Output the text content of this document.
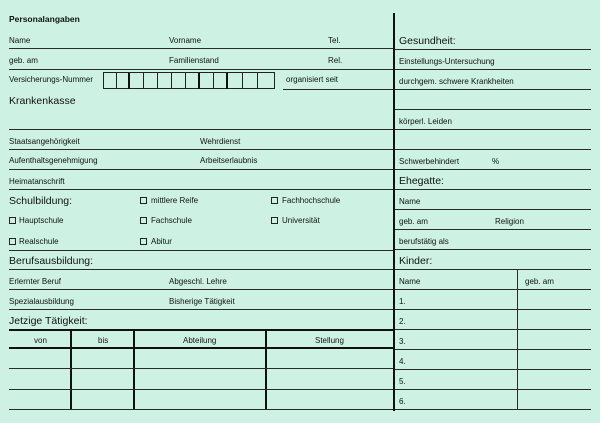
Personalangaben
Name	Vorname	Tel.
geb. am	Familienstand	Rel.
Versicherungs-Nummer	organisiert seit
Krankenkasse
Staatsangehörigkeit	Wehrdienst
Aufenthaltsgenehmigung	Arbeitserlaubnis
Heimatanschrift
Schulbildung:	mittlere Reife	Fachhochschule
Hauptschule	Fachschule	Universität
Realschule	Abitur
Berufsausbildung:
Erlernter Beruf	Abgeschl. Lehre
Spezialausbildung	Bisherige Tätigkeit
Jetzige Tätigkeit:
von	bis	Abteilung	Stellung
Gesundheit:
Einstellungs-Untersuchung
durchgem. schwere Krankheiten
körperl. Leiden
Schwerbehindert	%
Ehegatte:
Name
geb. am	Religion
berufstätig als
Kinder:
Name	geb. am
1.
2.
3.
4.
5.
6.
